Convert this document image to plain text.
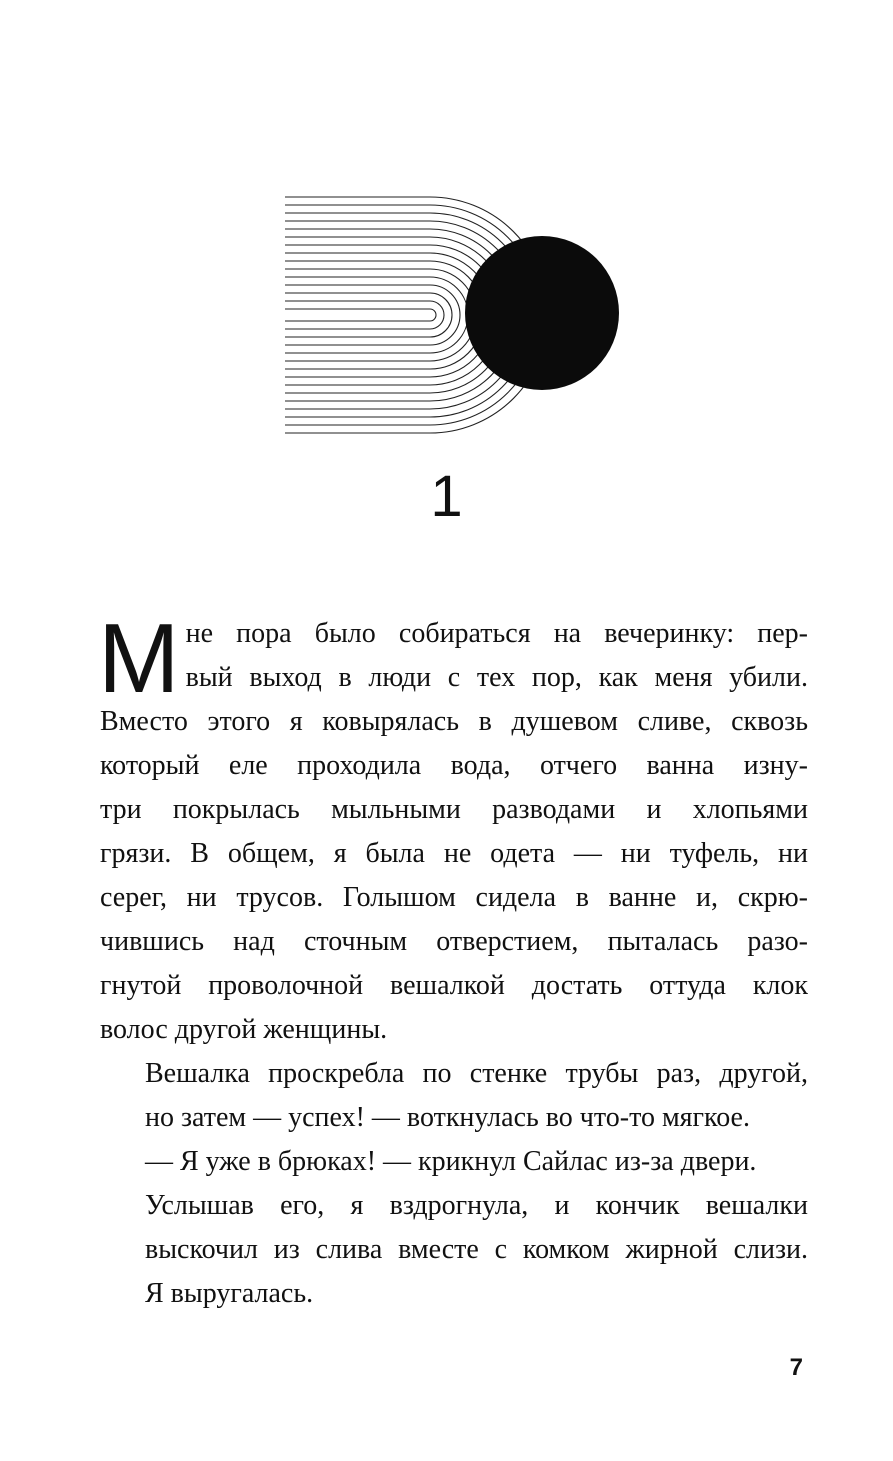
1

М не пора было собираться на вечеринку: пер-
вый выход в люди с тех пор, как меня убили.
Вместо этого я ковырялась в душевом сливе, сквозь
который еле проходила вода, отчего ванна изну-
три покрылась мыльными разводами и хлопьями
грязи. В общем, я была не одета — ни туфель, ни
серег, ни трусов. Голышом сидела в ванне и, скрю-
чившись над сточным отверстием, пыталась разо-
гнутой проволочной вешалкой достать оттуда клок
волос другой женщины.

Вешалка проскребла по стенке трубы раз, другой,
но затем — успех! — воткнулась во что-то мягкое.

— Я уже в брюках! — крикнул Сайлас из-за двери.

Услышав его, я вздрогнула, и кончик вешалки
выскочил из слива вместе с комком жирной слизи.
Я выругалась.

7
